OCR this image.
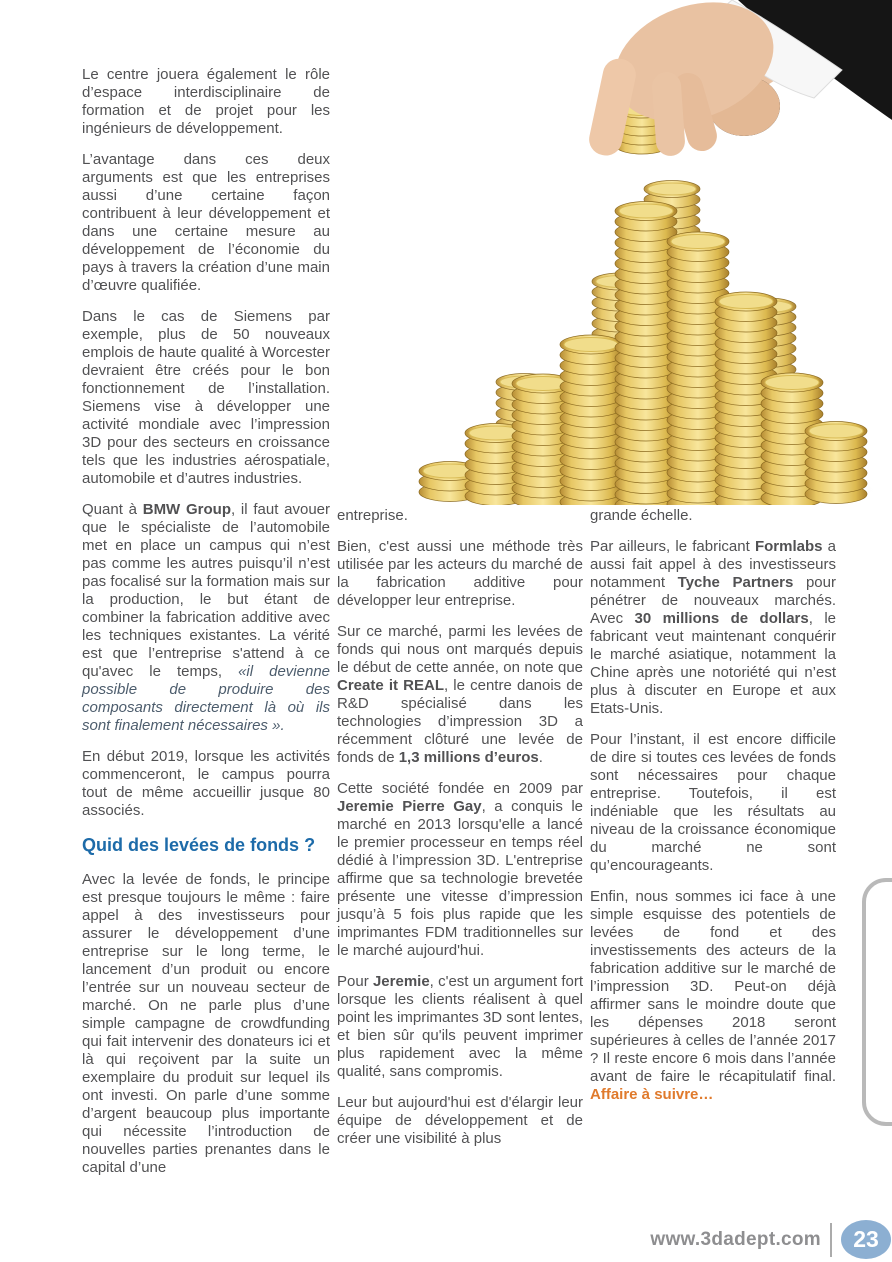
Le centre jouera également le rôle d’espace interdisciplinaire de formation et de projet pour les ingénieurs de développement.

L’avantage dans ces deux arguments est que les entreprises aussi d’une certaine façon contribuent à leur développement et dans une certaine mesure au développement de l’économie du pays à travers la création d’une main d’œuvre qualifiée.

Dans le cas de Siemens par exemple, plus de 50 nouveaux emplois de haute qualité à Worcester devraient être créés pour le bon fonctionnement de l’installation. Siemens vise à développer une activité mondiale avec l’impression 3D pour des secteurs en croissance tels que les industries aérospatiale, automobile et d’autres industries.

Quant à BMW Group, il faut avouer que le spécialiste de l’automobile met en place un campus qui n’est pas comme les autres puisqu’il n’est pas focalisé sur la formation mais sur la production, le but étant de combiner la fabrication additive avec les techniques existantes. La vérité est que l’entreprise s'attend à ce qu'avec le temps, «il devienne possible de produire des composants directement là où ils sont finalement nécessaires ».

En début 2019, lorsque les activités commenceront, le campus pourra tout de même accueillir jusque 80 associés.

Quid des levées de fonds ?

Avec la levée de fonds, le principe est presque toujours le même : faire appel à des investisseurs pour assurer le développement d’une entreprise sur le long terme, le lancement d’un produit ou encore l’entrée sur un nouveau secteur de marché. On ne parle plus d’une simple campagne de crowdfunding qui fait intervenir des donateurs ici et là qui reçoivent par la suite un exemplaire du produit sur lequel ils ont investi. On parle d’une somme d’argent beaucoup plus importante qui nécessite l’introduction de nouvelles parties prenantes dans le capital d’une

entreprise.

Bien, c'est aussi une méthode très utilisée par les acteurs du marché de la fabrication additive pour développer leur entreprise.

Sur ce marché, parmi les levées de fonds qui nous ont marqués depuis le début de cette année, on note que Create it REAL, le centre danois de R&D spécialisé dans les technologies d’impression 3D a récemment clôturé une levée de fonds de 1,3 millions d’euros.

Cette société fondée en 2009 par Jeremie Pierre Gay, a conquis le marché en 2013 lorsqu'elle a lancé le premier processeur en temps réel dédié à l’impression 3D. L'entreprise affirme que sa technologie brevetée présente une vitesse d’impression jusqu’à 5 fois plus rapide que les imprimantes FDM traditionnelles sur le marché aujourd'hui.

Pour Jeremie, c'est un argument fort lorsque les clients réalisent à quel point les imprimantes 3D sont lentes, et bien sûr qu'ils peuvent imprimer plus rapidement avec la même qualité, sans compromis.

Leur but aujourd'hui est d'élargir leur équipe de développement et de créer une visibilité à plus

grande échelle.

Par ailleurs, le fabricant Formlabs a aussi fait appel à des investisseurs notamment Tyche Partners pour pénétrer de nouveaux marchés. Avec 30 millions de dollars, le fabricant veut maintenant conquérir le marché asiatique, notamment la Chine après une notoriété qui n’est plus à discuter en Europe et aux Etats-Unis.

Pour l’instant, il est encore difficile de dire si toutes ces levées de fonds sont nécessaires pour chaque entreprise. Toutefois, il est indéniable que les résultats au niveau de la croissance économique du marché ne sont qu’encourageants.

Enfin, nous sommes ici face à une simple esquisse des potentiels de levées de fond et des investissements des acteurs de la fabrication additive sur le marché de l’impression 3D. Peut-on déjà affirmer sans le moindre doute que les dépenses 2018 seront supérieures à celles de l’année 2017 ? Il reste encore 6 mois dans l’année avant de faire le récapitulatif final. Affaire à suivre…

www.3dadept.com	23
